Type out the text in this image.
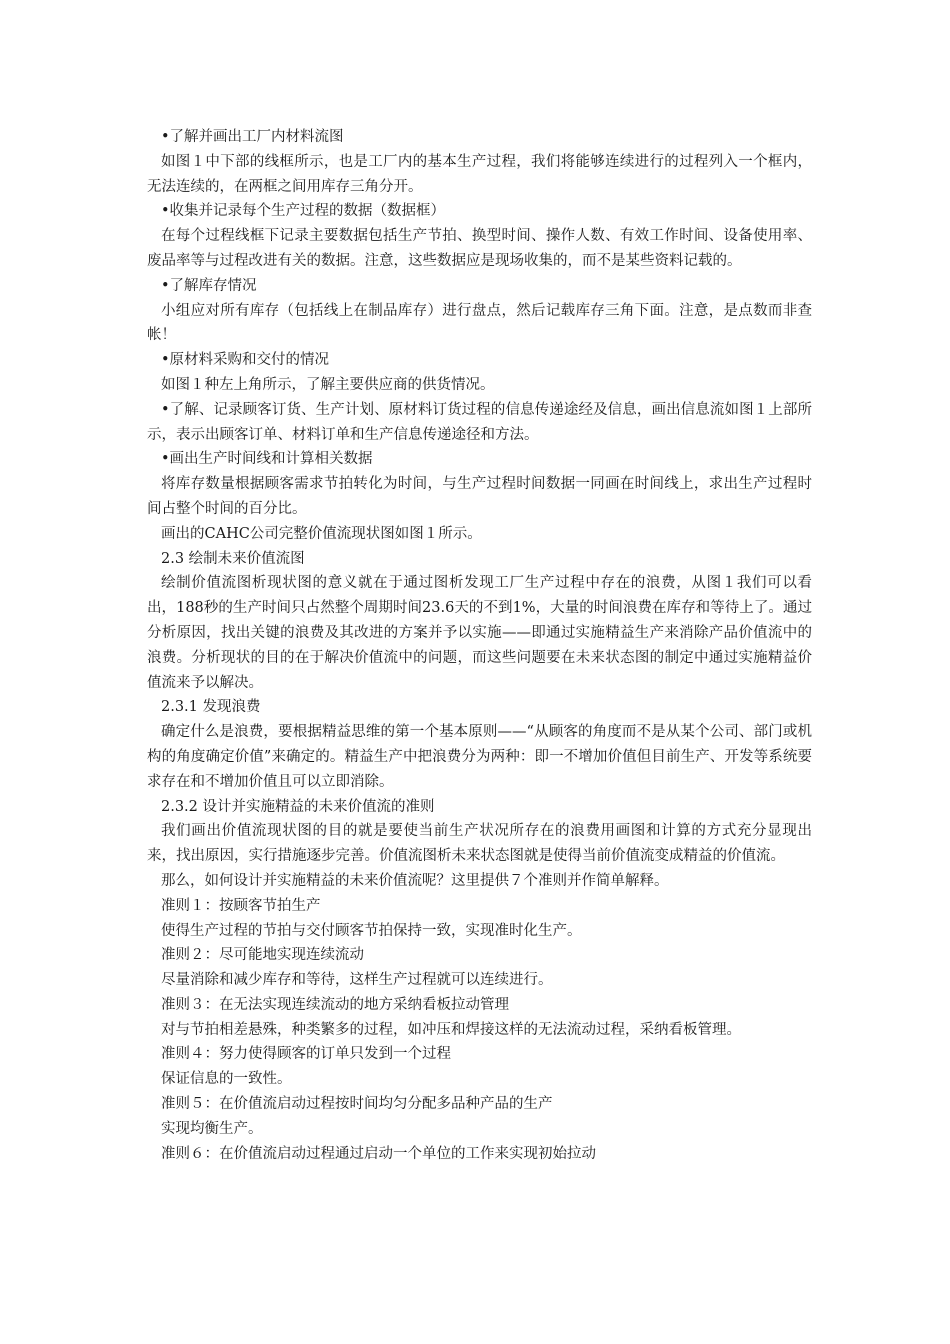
•了解并画出工厂内材料流图

如图１中下部的线框所示，也是工厂内的基本生产过程，我们将能够连续进行的过程列入一个框内，无法连续的，在两框之间用库存三角分开。

•收集并记录每个生产过程的数据（数据框）

在每个过程线框下记录主要数据包括生产节拍、换型时间、操作人数、有效工作时间、设备使用率、废品率等与过程改进有关的数据。注意，这些数据应是现场收集的，而不是某些资料记载的。

•了解库存情况

小组应对所有库存（包括线上在制品库存）进行盘点，然后记载库存三角下面。注意，是点数而非查帐！

•原材料采购和交付的情况

如图１种左上角所示，了解主要供应商的供货情况。

•了解、记录顾客订货、生产计划、原材料订货过程的信息传递途经及信息，画出信息流如图１上部所示，表示出顾客订单、材料订单和生产信息传递途径和方法。

•画出生产时间线和计算相关数据

将库存数量根据顾客需求节拍转化为时间，与生产过程时间数据一同画在时间线上，求出生产过程时间占整个时间的百分比。

画出的CAHC公司完整价值流现状图如图１所示。

2.3 绘制未来价值流图

绘制价值流图析现状图的意义就在于通过图析发现工厂生产过程中存在的浪费，从图１我们可以看出，188秒的生产时间只占然整个周期时间23.6天的不到1%，大量的时间浪费在库存和等待上了。通过分析原因，找出关键的浪费及其改进的方案并予以实施——即通过实施精益生产来消除产品价值流中的浪费。分析现状的目的在于解决价值流中的问题，而这些问题要在未来状态图的制定中通过实施精益价值流来予以解决。

2.3.1 发现浪费

确定什么是浪费，要根据精益思维的第一个基本原则——“从顾客的角度而不是从某个公司、部门或机构的角度确定价值”来确定的。精益生产中把浪费分为两种：即一不增加价值但目前生产、开发等系统要求存在和不增加价值且可以立即消除。

2.3.2 设计并实施精益的未来价值流的准则

我们画出价值流现状图的目的就是要使当前生产状况所存在的浪费用画图和计算的方式充分显现出来，找出原因，实行措施逐步完善。价值流图析未来状态图就是使得当前价值流变成精益的价值流。

那么，如何设计并实施精益的未来价值流呢？这里提供７个准则并作简单解释。

准则１：按顾客节拍生产

使得生产过程的节拍与交付顾客节拍保持一致，实现准时化生产。

准则２：尽可能地实现连续流动

尽量消除和减少库存和等待，这样生产过程就可以连续进行。

准则３：在无法实现连续流动的地方采纳看板拉动管理

对与节拍相差悬殊，种类繁多的过程，如冲压和焊接这样的无法流动过程，采纳看板管理。

准则４：努力使得顾客的订单只发到一个过程

保证信息的一致性。

准则５：在价值流启动过程按时间均匀分配多品种产品的生产

实现均衡生产。

准则６：在价值流启动过程通过启动一个单位的工作来实现初始拉动
